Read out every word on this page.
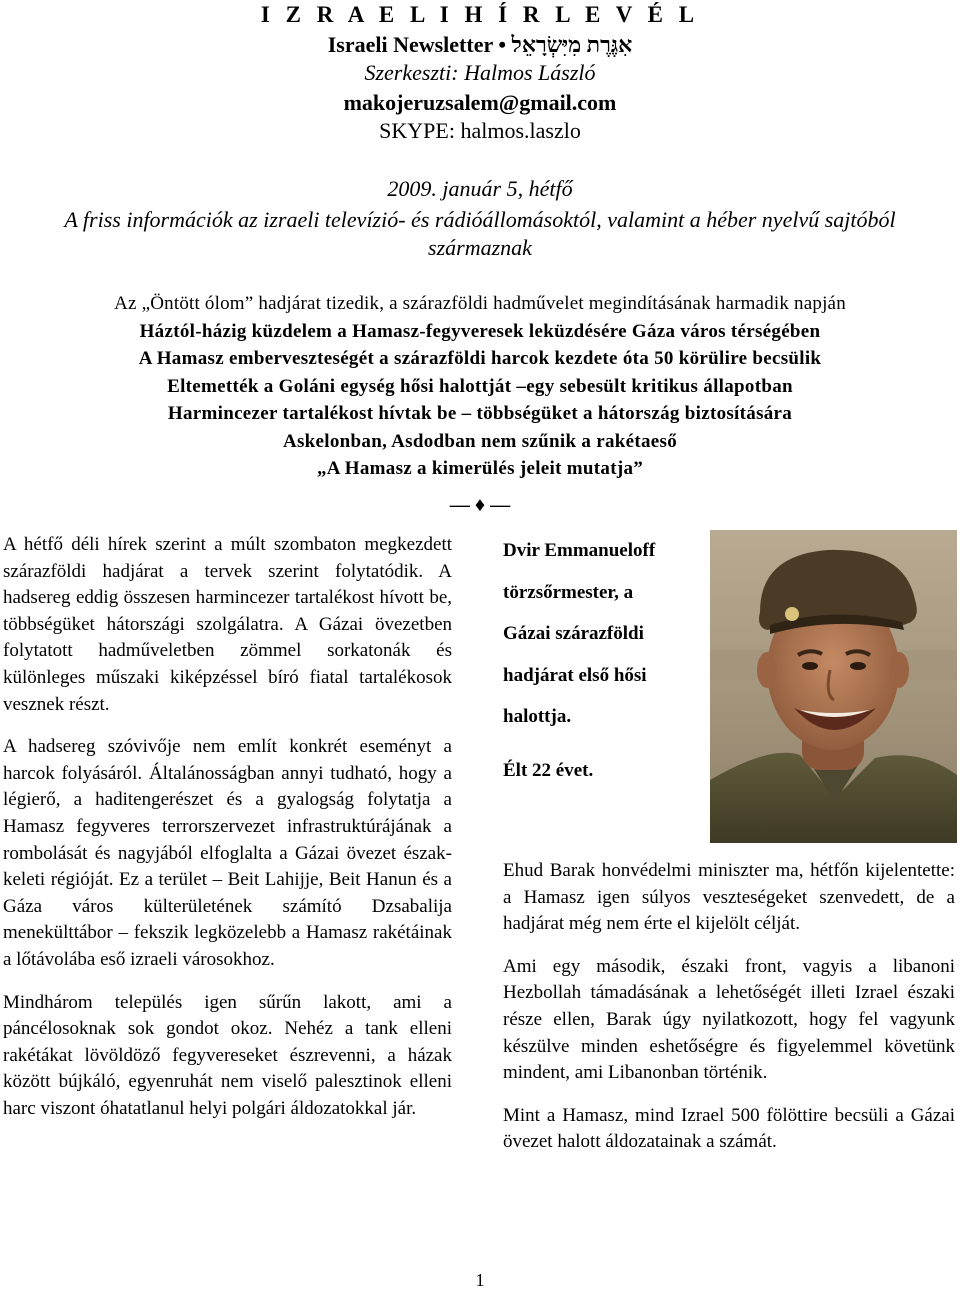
I Z R A E L I H Í R L E V É L
Israeli Newsletter • אִגֶּרֶת מִיִּשְׂרָאֵל
Szerkeszti: Halmos László
makojeruzsalem@gmail.com
SKYPE: halmos.laszlo
2009. január 5, hétfő
A friss információk az izraeli televízió- és rádióállomásoktól, valamint a héber nyelvű sajtóból származnak
Az „Öntött ólom” hadjárat tizedik, a szárazföldi hadművelet megindításának harmadik napján
Háztól-házig küzdelem a Hamasz-fegyveresek leküzdésére Gáza város térségében
A Hamasz emberveszteségét a szárazföldi harcok kezdete óta 50 körülire becsülik
Eltemették a Goláni egység hősi halottját –egy sebesült kritikus állapotban
Harmincezer tartalékost hívtak be – többségüket a hátország biztosítására
Askelonban, Asdodban nem szűnik a rakétaeső
„A Hamasz a kimerülés jeleit mutatja”
— ♦ —

A hétfő déli hírek szerint a múlt szombaton megkezdett szárazföldi hadjárat a tervek szerint folytatódik. A hadsereg eddig összesen harmincezer tartalékost hívott be, többségüket hátországi szolgálatra. A Gázai övezetben folytatott hadműveletben zömmel sorkatonák és különleges műszaki kiképzéssel bíró fiatal tartalékosok vesznek részt.

A hadsereg szóvivője nem említ konkrét eseményt a harcok folyásáról. Általánosságban annyi tudható, hogy a légierő, a haditengerészet és a gyalogság folytatja a Hamasz fegyveres terrorszervezet infrastruktúrájának a rombolását és nagyjából elfoglalta a Gázai övezet észak-keleti régióját. Ez a terület – Beit Lahijje, Beit Hanun és a Gáza város külterületének számító Dzsabalija menekülttábor – fekszik legközelebb a Hamasz rakétáinak a lőtávolába eső izraeli városokhoz.

Mindhárom település igen sűrűn lakott, ami a páncélosoknak sok gondot okoz. Nehéz a tank elleni rakétákat lövöldöző fegyvereseket észrevenni, a házak között bújkáló, egyenruhát nem viselő palesztinok elleni harc viszont óhatatlanul helyi polgári áldozatokkal jár.

Dvir Emmanueloff
törzsőrmester, a
Gázai szárazföldi
hadjárat első hősi
halottja.
Élt 22 évet.

Ehud Barak honvédelmi miniszter ma, hétfőn kijelentette: a Hamasz igen súlyos veszteségeket szenvedett, de a hadjárat még nem érte el kijelölt célját.

Ami egy második, északi front, vagyis a libanoni Hezbollah támadásának a lehetőségét illeti Izrael északi része ellen, Barak úgy nyilatkozott, hogy fel vagyunk készülve minden eshetőségre és figyelemmel követünk mindent, ami Libanonban történik.

Mint a Hamasz, mind Izrael 500 fölöttire becsüli a Gázai övezet halott áldozatainak a számát.

1
